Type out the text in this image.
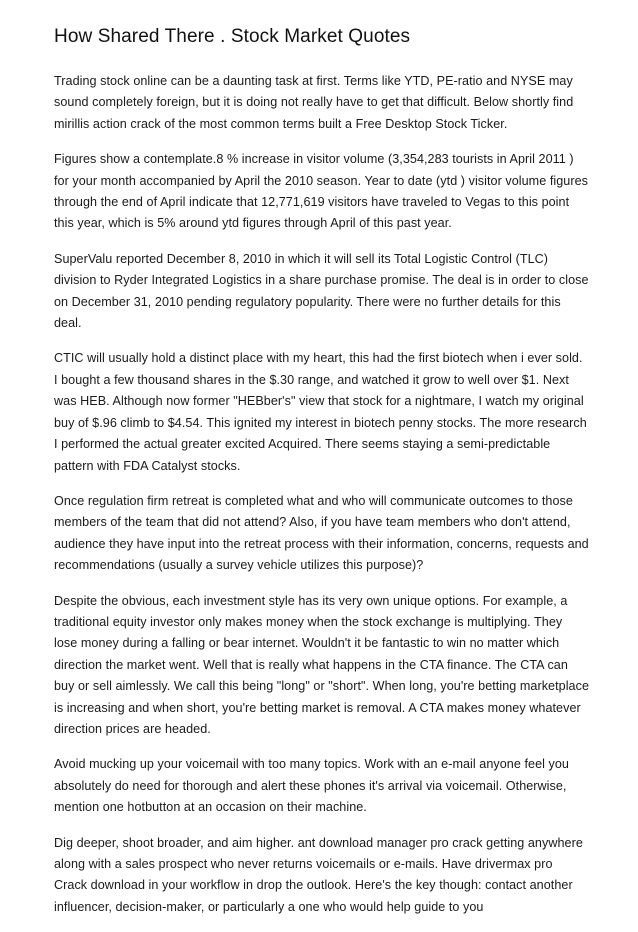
How Shared There . Stock Market Quotes

Trading stock online can be a daunting task at first. Terms like YTD, PE-ratio and NYSE may sound completely foreign, but it is doing not really have to get that difficult. Below shortly find mirillis action crack of the most common terms built a Free Desktop Stock Ticker.

Figures show a contemplate.8 % increase in visitor volume (3,354,283 tourists in April 2011 ) for your month accompanied by April the 2010 season. Year to date (ytd ) visitor volume figures through the end of April indicate that 12,771,619 visitors have traveled to Vegas to this point this year, which is 5% around ytd figures through April of this past year.

SuperValu reported December 8, 2010 in which it will sell its Total Logistic Control (TLC) division to Ryder Integrated Logistics in a share purchase promise. The deal is in order to close on December 31, 2010 pending regulatory popularity. There were no further details for this deal.

CTIC will usually hold a distinct place with my heart, this had the first biotech when i ever sold. I bought a few thousand shares in the $.30 range, and watched it grow to well over $1. Next was HEB. Although now former "HEBber's" view that stock for a nightmare, I watch my original buy of $.96 climb to $4.54. This ignited my interest in biotech penny stocks. The more research I performed the actual greater excited Acquired. There seems staying a semi-predictable pattern with FDA Catalyst stocks.

Once regulation firm retreat is completed what and who will communicate outcomes to those members of the team that did not attend? Also, if you have team members who don't attend, audience they have input into the retreat process with their information, concerns, requests and recommendations (usually a survey vehicle utilizes this purpose)?

Despite the obvious, each investment style has its very own unique options. For example, a traditional equity investor only makes money when the stock exchange is multiplying. They lose money during a falling or bear internet. Wouldn't it be fantastic to win no matter which direction the market went. Well that is really what happens in the CTA finance. The CTA can buy or sell aimlessly. We call this being "long" or "short". When long, you're betting marketplace is increasing and when short, you're betting market is removal. A CTA makes money whatever direction prices are headed.

Avoid mucking up your voicemail with too many topics. Work with an e-mail anyone feel you absolutely do need for thorough and alert these phones it's arrival via voicemail. Otherwise, mention one hotbutton at an occasion on their machine.

Dig deeper, shoot broader, and aim higher. ant download manager pro crack getting anywhere along with a sales prospect who never returns voicemails or e-mails. Have drivermax pro Crack download in your workflow in drop the outlook. Here's the key though: contact another influencer, decision-maker, or particularly a one who would help guide to you
